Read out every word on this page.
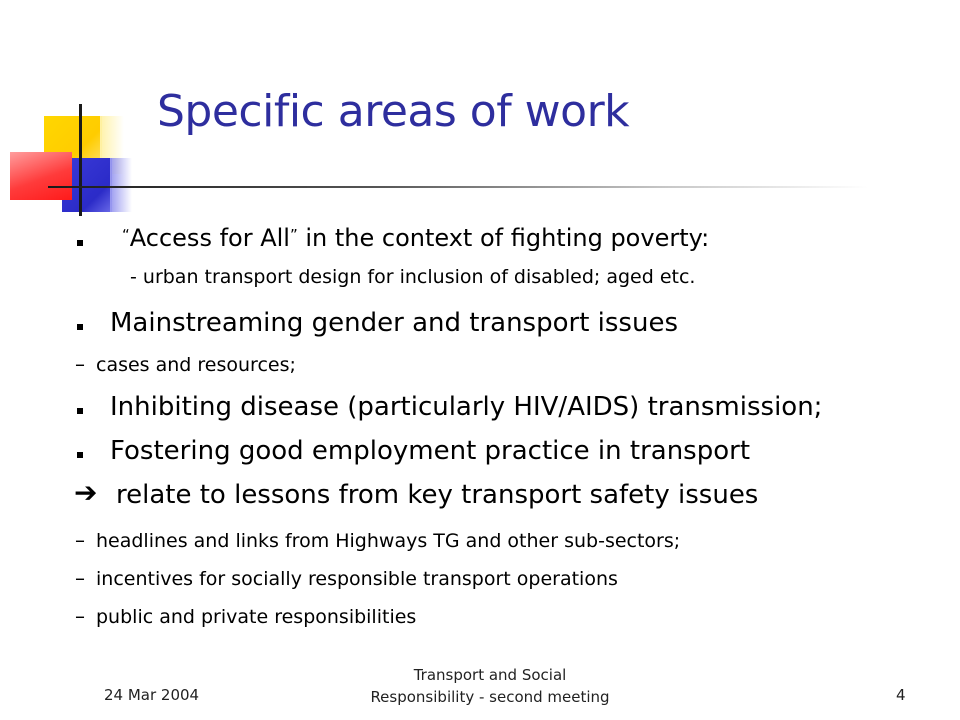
Specific areas of work
“Access for All” in the context of fighting poverty:
- urban transport design for inclusion of disabled; aged etc.
Mainstreaming gender and transport issues
– cases and resources;
Inhibiting disease (particularly HIV/AIDS) transmission;
Fostering good employment practice in transport
➔ relate to lessons from key transport safety issues
– headlines and links from Highways TG and other sub-sectors;
– incentives for socially responsible transport operations
– public and private responsibilities
24 Mar 2004
Transport and Social
Responsibility - second meeting	4
